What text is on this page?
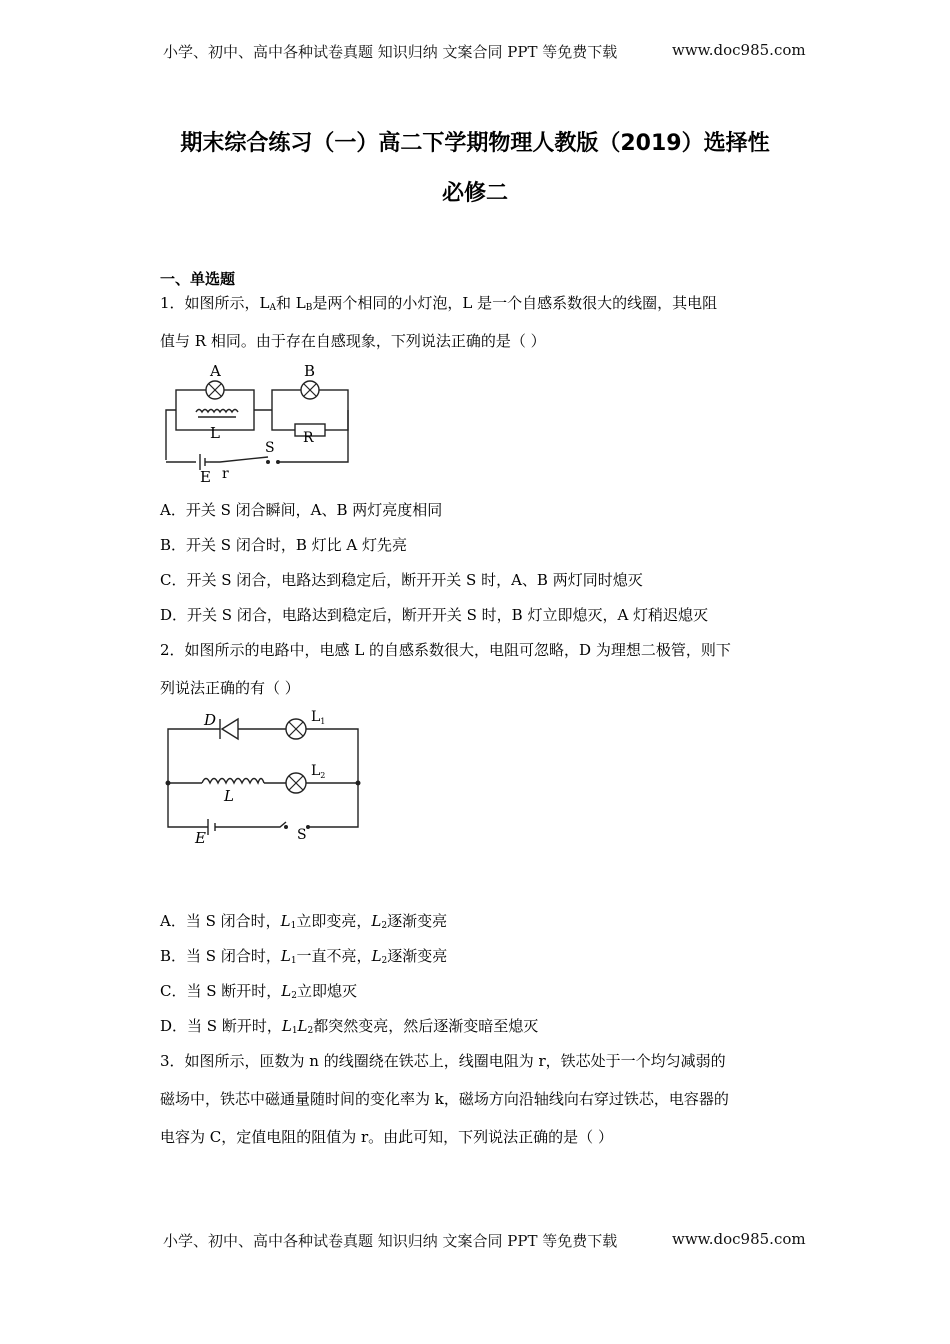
小学、初中、高中各种试卷真题 知识归纳 文案合同 PPT 等免费下载	www.doc985.com
期末综合练习（一）高二下学期物理人教版（2019）选择性
必修二
一、单选题
1．如图所示，$L_A$和 $L_B$是两个相同的小灯泡，L 是一个自感系数很大的线圈，其电阻
值与 R 相同。由于存在自感现象，下列说法正确的是（ ）
A	B
L	R
S
E r
A．开关 S 闭合瞬间，A、B 两灯亮度相同
B．开关 S 闭合时，B 灯比 A 灯先亮
C．开关 S 闭合，电路达到稳定后，断开开关 S 时，A、B 两灯同时熄灭
D．开关 S 闭合，电路达到稳定后，断开开关 S 时，B 灯立即熄灭，A 灯稍迟熄灭
2．如图所示的电路中，电感 L 的自感系数很大，电阻可忽略，D 为理想二极管，则下
列说法正确的有（ ）
D	$L_1$
$L_2$
L
E	S
A．当 S 闭合时，$L_1$立即变亮，$L_2$逐渐变亮
B．当 S 闭合时，$L_1$一直不亮，$L_2$逐渐变亮
C．当 S 断开时，$L_2$立即熄灭
D．当 S 断开时，$L_1L_2$都突然变亮，然后逐渐变暗至熄灭
3．如图所示，匝数为 n 的线圈绕在铁芯上，线圈电阻为 r，铁芯处于一个均匀减弱的
磁场中，铁芯中磁通量随时间的变化率为 k，磁场方向沿轴线向右穿过铁芯，电容器的
电容为 C，定值电阻的阻值为 r。由此可知，下列说法正确的是（ ）
小学、初中、高中各种试卷真题 知识归纳 文案合同 PPT 等免费下载	www.doc985.com
